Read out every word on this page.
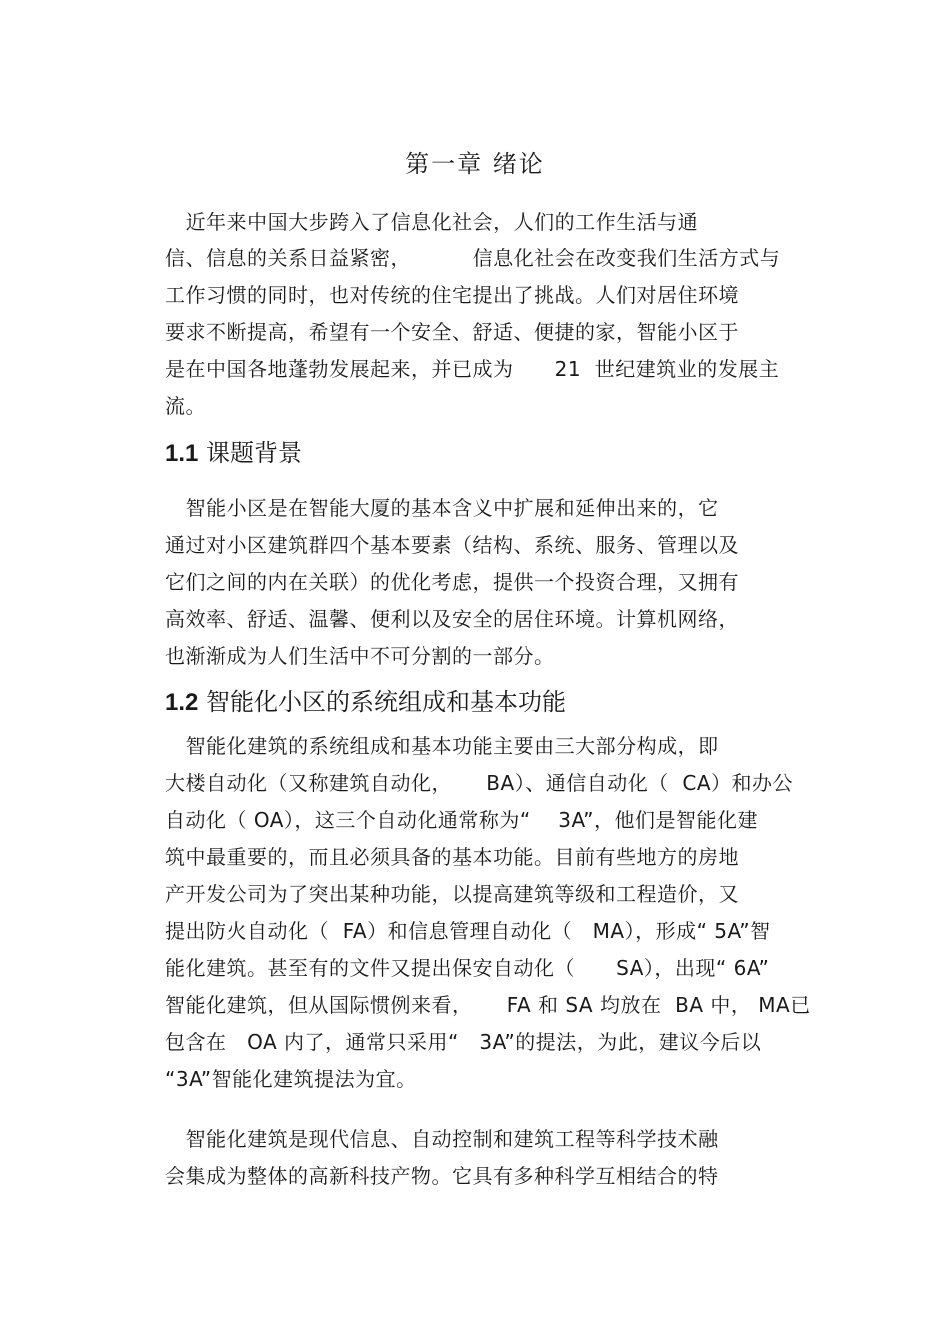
第一章 绪论
近年来中国大步跨入了信息化社会，人们的工作生活与通
信、信息的关系日益紧密，         信息化社会在改变我们生活方式与
工作习惯的同时，也对传统的住宅提出了挑战。人们对居住环境
要求不断提高，希望有一个安全、舒适、便捷的家，智能小区于
是在中国各地蓬勃发展起来，并已成为      21  世纪建筑业的发展主
流。
1.1 课题背景
智能小区是在智能大厦的基本含义中扩展和延伸出来的，它
通过对小区建筑群四个基本要素（结构、系统、服务、管理以及
它们之间的内在关联）的优化考虑，提供一个投资合理，又拥有
高效率、舒适、温馨、便利以及安全的居住环境。计算机网络，
也渐渐成为人们生活中不可分割的一部分。
1.2 智能化小区的系统组成和基本功能
智能化建筑的系统组成和基本功能主要由三大部分构成，即
大楼自动化（又称建筑自动化，     BA）、通信自动化（  CA）和办公
自动化（ OA），这三个自动化通常称为“    3A”，他们是智能化建
筑中最重要的，而且必须具备的基本功能。目前有些地方的房地
产开发公司为了突出某种功能，以提高建筑等级和工程造价，又
提出防火自动化（  FA）和信息管理自动化（   MA），形成“ 5A”智
能化建筑。甚至有的文件又提出保安自动化（      SA），出现“ 6A”
智能化建筑，但从国际惯例来看，     FA 和 SA 均放在  BA 中， MA已
包含在   OA 内了，通常只采用“   3A”的提法，为此，建议今后以
“3A”智能化建筑提法为宜。
智能化建筑是现代信息、自动控制和建筑工程等科学技术融
会集成为整体的高新科技产物。它具有多种科学互相结合的特
